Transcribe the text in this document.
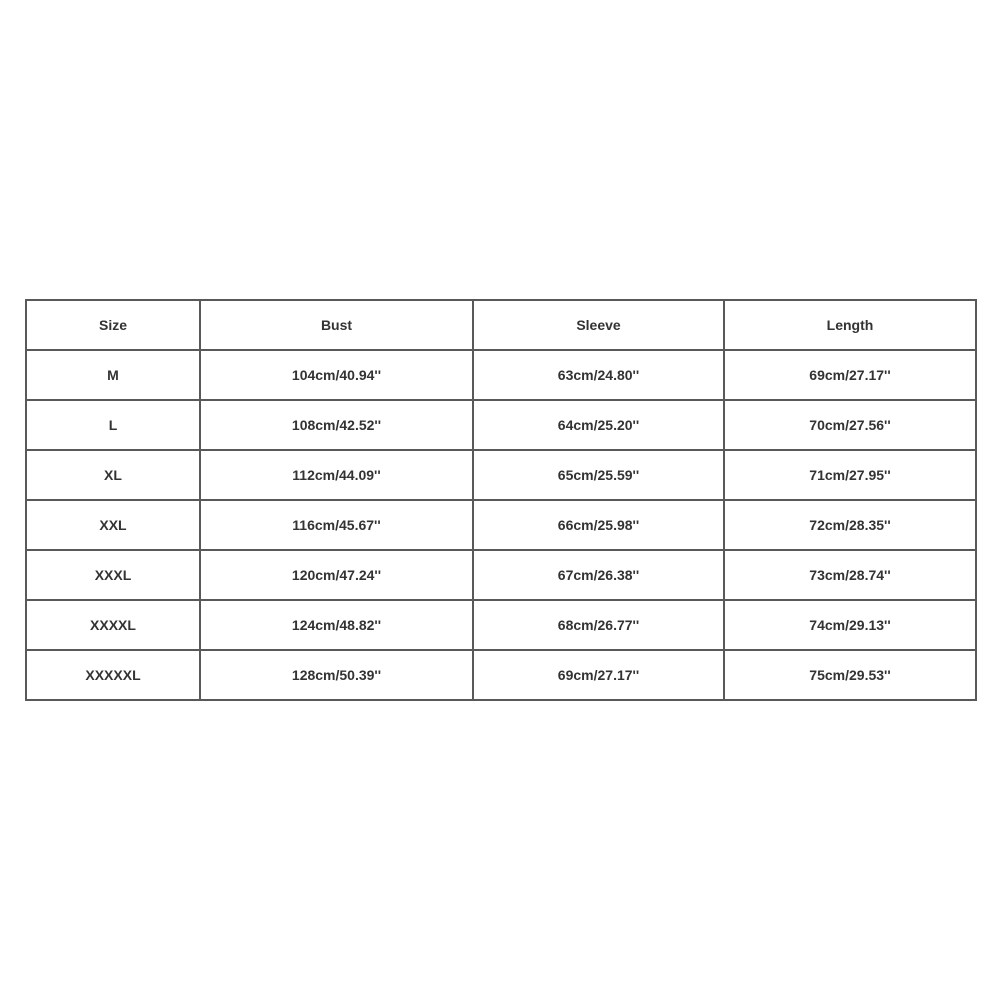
Size	Bust	Sleeve	Length
M	104cm/40.94''	63cm/24.80''	69cm/27.17''
L	108cm/42.52''	64cm/25.20''	70cm/27.56''
XL	112cm/44.09''	65cm/25.59''	71cm/27.95''
XXL	116cm/45.67''	66cm/25.98''	72cm/28.35''
XXXL	120cm/47.24''	67cm/26.38''	73cm/28.74''
XXXXL	124cm/48.82''	68cm/26.77''	74cm/29.13''
XXXXXL	128cm/50.39''	69cm/27.17''	75cm/29.53''
